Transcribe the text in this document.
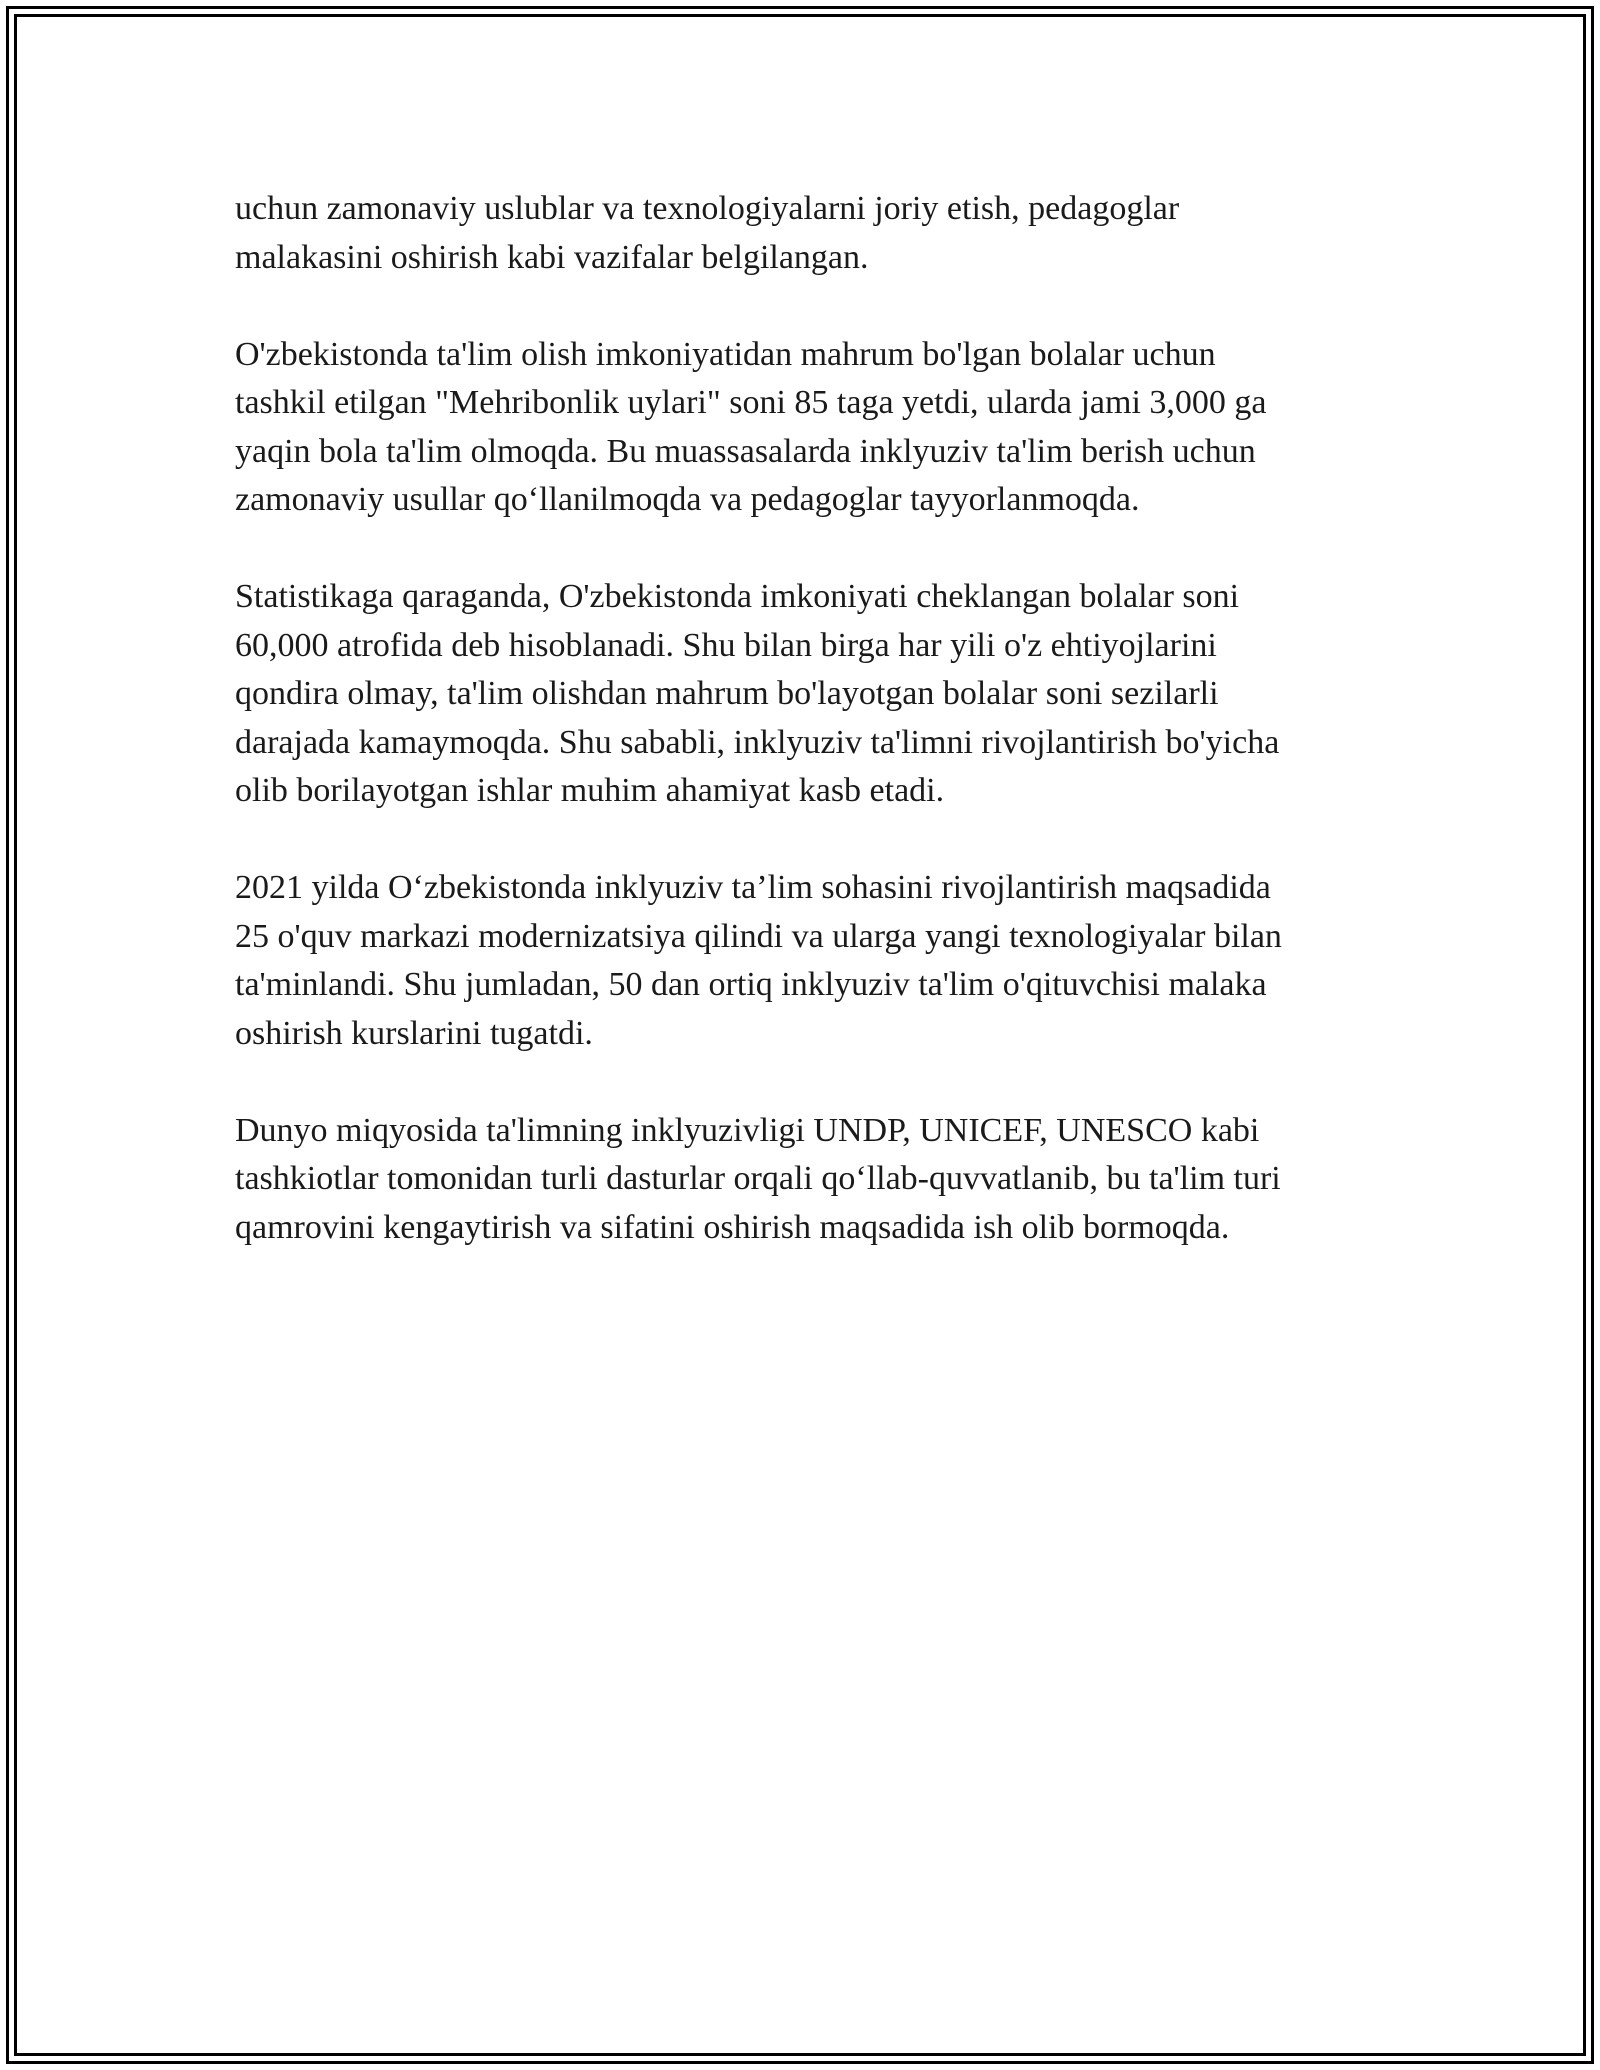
uchun zamonaviy uslublar va texnologiyalarni joriy etish, pedagoglar
malakasini oshirish kabi vazifalar belgilangan.

O'zbekistonda ta'lim olish imkoniyatidan mahrum bo'lgan bolalar uchun
tashkil etilgan "Mehribonlik uylari" soni 85 taga yetdi, ularda jami 3,000 ga
yaqin bola ta'lim olmoqda. Bu muassasalarda inklyuziv ta'lim berish uchun
zamonaviy usullar qo‘llanilmoqda va pedagoglar tayyorlanmoqda.

Statistikaga qaraganda, O'zbekistonda imkoniyati cheklangan bolalar soni
60,000 atrofida deb hisoblanadi. Shu bilan birga har yili o'z ehtiyojlarini
qondira olmay, ta'lim olishdan mahrum bo'layotgan bolalar soni sezilarli
darajada kamaymoqda. Shu sababli, inklyuziv ta'limni rivojlantirish bo'yicha
olib borilayotgan ishlar muhim ahamiyat kasb etadi.

2021 yilda O‘zbekistonda inklyuziv ta’lim sohasini rivojlantirish maqsadida
25 o'quv markazi modernizatsiya qilindi va ularga yangi texnologiyalar bilan
ta'minlandi. Shu jumladan, 50 dan ortiq inklyuziv ta'lim o'qituvchisi malaka
oshirish kurslarini tugatdi.

Dunyo miqyosida ta'limning inklyuzivligi UNDP, UNICEF, UNESCO kabi
tashkiotlar tomonidan turli dasturlar orqali qo‘llab-quvvatlanib, bu ta'lim turi
qamrovini kengaytirish va sifatini oshirish maqsadida ish olib bormoqda.
